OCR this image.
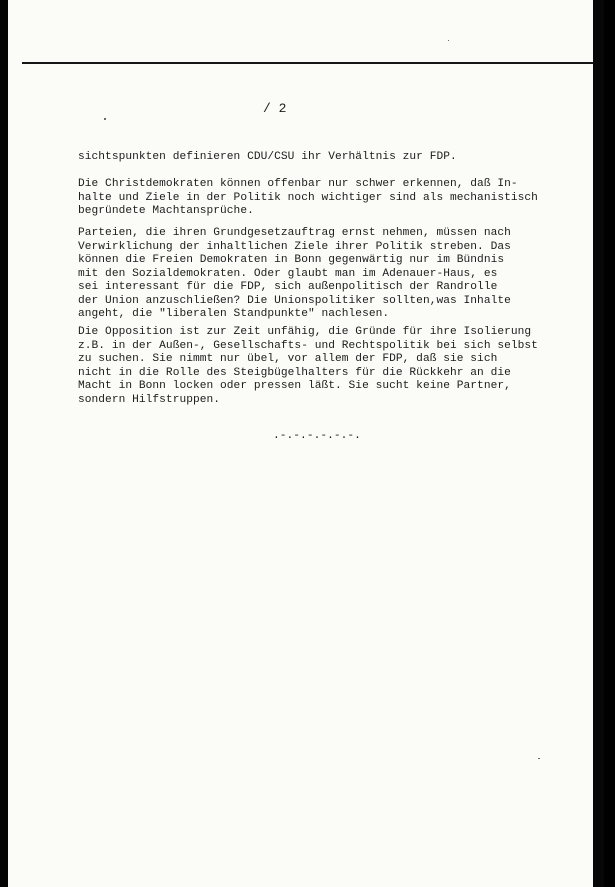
/ 2
sichtspunkten definieren CDU/CSU ihr Verhältnis zur FDP.
Die Christdemokraten können offenbar nur schwer erkennen, daß In-
halte und Ziele in der Politik noch wichtiger sind als mechanistisch
begründete Machtansprüche.
Parteien, die ihren Grundgesetzauftrag ernst nehmen, müssen nach
Verwirklichung der inhaltlichen Ziele ihrer Politik streben. Das
können die Freien Demokraten in Bonn gegenwärtig nur im Bündnis
mit den Sozialdemokraten. Oder glaubt man im Adenauer-Haus, es
sei interessant für die FDP, sich außenpolitisch der Randrolle
der Union anzuschließen? Die Unionspolitiker sollten,was Inhalte
angeht, die "liberalen Standpunkte" nachlesen.
Die Opposition ist zur Zeit unfähig, die Gründe für ihre Isolierung
z.B. in der Außen-, Gesellschafts- und Rechtspolitik bei sich selbst
zu suchen. Sie nimmt nur übel, vor allem der FDP, daß sie sich
nicht in die Rolle des Steigbügelhalters für die Rückkehr an die
Macht in Bonn locken oder pressen läßt. Sie sucht keine Partner,
sondern Hilfstruppen.
.-.-.-.-.-.-.
